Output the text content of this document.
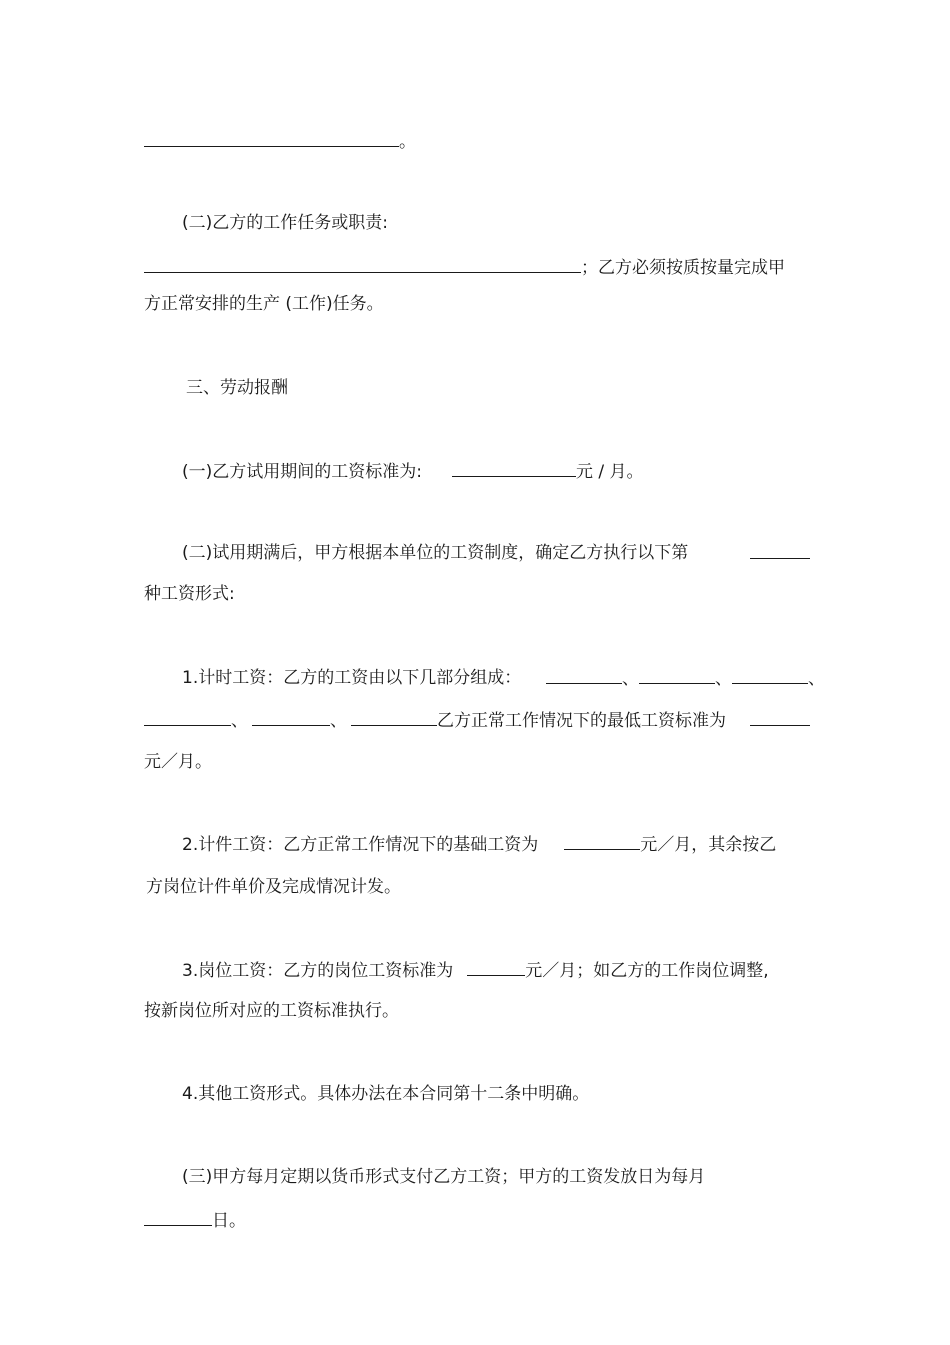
。
(二)乙方的工作任务或职责:
；乙方必须按质按量完成甲
方正常安排的生产 (工作)任务。
三、劳动报酬
(一)乙方试用期间的工资标准为:	元 / 月。
(二)试用期满后，甲方根据本单位的工资制度，确定乙方执行以下第
种工资形式:
1.计时工资：乙方的工资由以下几部分组成：	、	、	、
、	、	乙方正常工作情况下的最低工资标准为
元／月。
2.计件工资：乙方正常工作情况下的基础工资为	元／月，其余按乙
方岗位计件单价及完成情况计发。
3.岗位工资：乙方的岗位工资标准为	元／月；如乙方的工作岗位调整,
按新岗位所对应的工资标准执行。
4.其他工资形式。具体办法在本合同第十二条中明确。
(三)甲方每月定期以货币形式支付乙方工资；甲方的工资发放日为每月
日。
